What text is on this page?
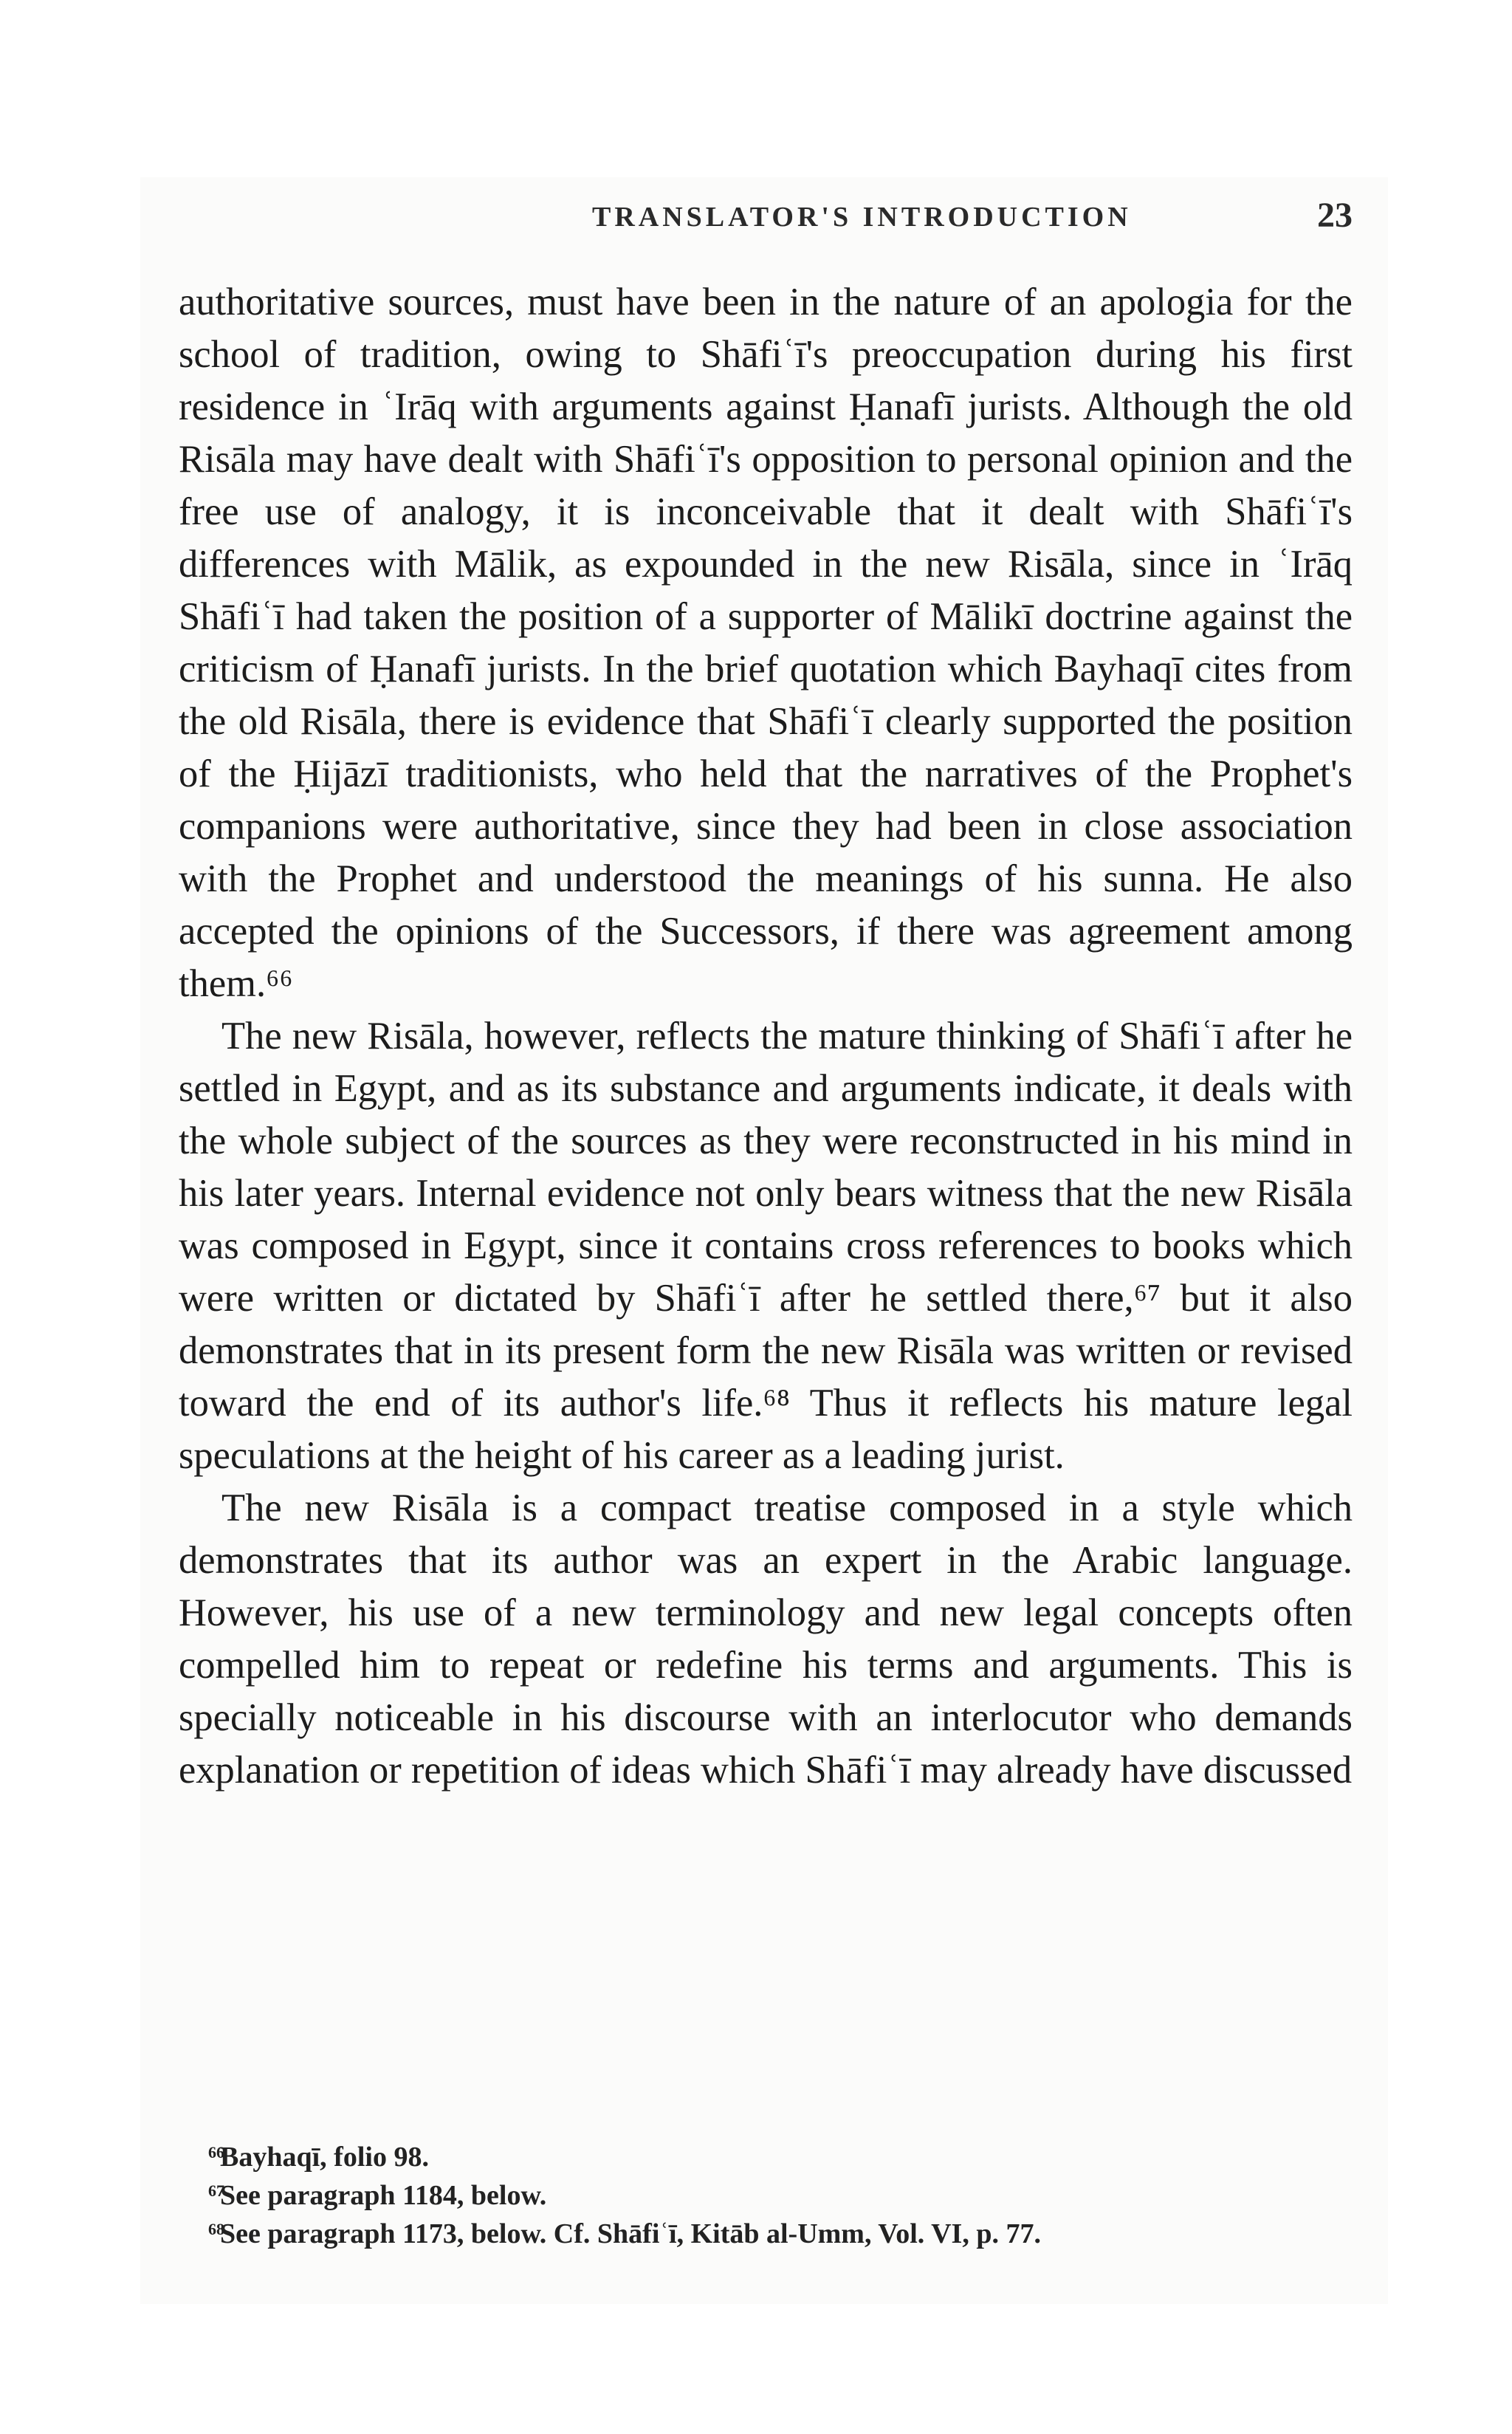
TRANSLATOR'S INTRODUCTION	23

authoritative sources, must have been in the nature of an apologia for the school of tradition, owing to Shāfiʿī's preoccupation during his first residence in ʿIrāq with arguments against Ḥanafī jurists. Although the old Risāla may have dealt with Shāfiʿī's opposition to personal opinion and the free use of analogy, it is inconceivable that it dealt with Shāfiʿī's differences with Mālik, as expounded in the new Risāla, since in ʿIrāq Shāfiʿī had taken the position of a supporter of Mālikī doctrine against the criticism of Ḥanafī jurists. In the brief quotation which Bayhaqī cites from the old Risāla, there is evidence that Shāfiʿī clearly supported the position of the Ḥijāzī traditionists, who held that the narratives of the Prophet's companions were authoritative, since they had been in close association with the Prophet and understood the meanings of his sunna. He also accepted the opinions of the Successors, if there was agreement among them.⁶⁶

The new Risāla, however, reflects the mature thinking of Shāfiʿī after he settled in Egypt, and as its substance and arguments indicate, it deals with the whole subject of the sources as they were reconstructed in his mind in his later years. Internal evidence not only bears witness that the new Risāla was composed in Egypt, since it contains cross references to books which were written or dictated by Shāfiʿī after he settled there,⁶⁷ but it also demonstrates that in its present form the new Risāla was written or revised toward the end of its author's life.⁶⁸ Thus it reflects his mature legal speculations at the height of his career as a leading jurist.

The new Risāla is a compact treatise composed in a style which demonstrates that its author was an expert in the Arabic language. However, his use of a new terminology and new legal concepts often compelled him to repeat or redefine his terms and arguments. This is specially noticeable in his discourse with an interlocutor who demands explanation or repetition of ideas which Shāfiʿī may already have discussed

66
Bayhaqī, folio 98.
67
See paragraph 1184, below.
68
See paragraph 1173, below. Cf. Shāfiʿī, Kitāb al-Umm, Vol. VI, p. 77.
